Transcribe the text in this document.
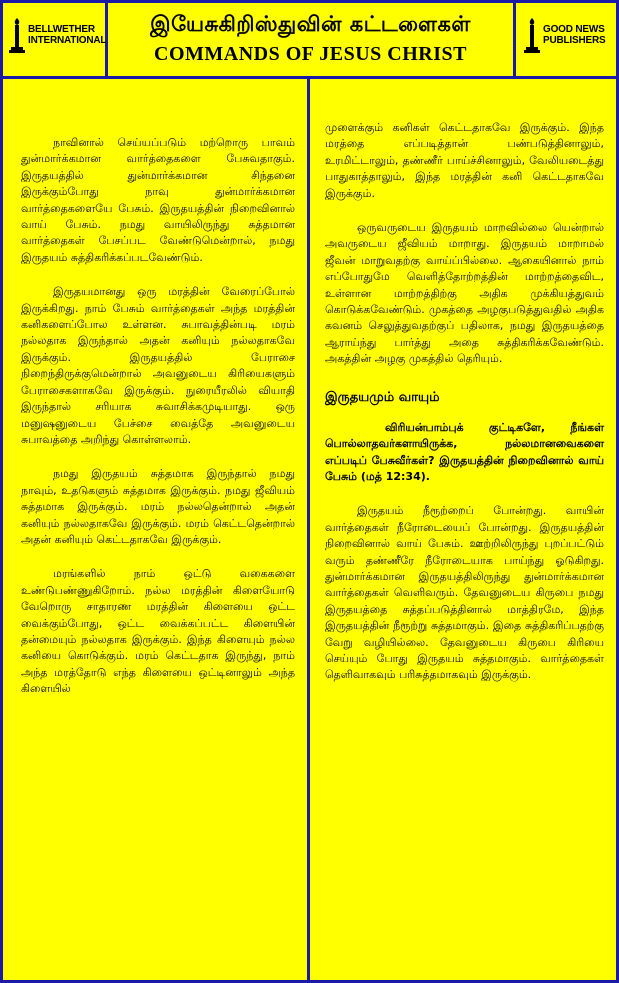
BELLWETHER
INTERNATIONAL
இயேசுகிறிஸ்துவின் கட்டளைகள்
COMMANDS OF JESUS CHRIST
GOOD NEWS
PUBLISHERS

நாவினால் செய்யப்படும் மற்றொரு பாவம் துன்மார்க்கமான வார்த்தைகளை பேசுவதாகும். இருதயத்தில் துன்மார்க்கமான சிந்தனை இருக்கும்போது நாவு துன்மார்க்கமான வார்த்தைகளையே பேசும். இருதயத்தின் நிறைவினால் வாய் பேசும். நமது வாயிலிருந்து சுத்தமான வார்த்தைகள் பேசப்பட வேண்டுமென்றால், நமது இருதயம் சுத்திகரிக்கப்படவேண்டும்.

இருதயமானது ஒரு மரத்தின் வேரைப்போல் இருக்கிறது. நாம் பேசும் வார்த்தைகள் அந்த மரத்தின் கனிகளைப்போல உள்ளன. சுபாவத்தின்படி மரம் நல்லதாக இருந்தால் அதன் கனியும் நல்லதாகவே இருக்கும். இருதயத்தில் பேராசை நிறைந்திருக்குமென்றால் அவனுடைய கிரியைகளும் பேராசைகளாகவே இருக்கும். நுரையீரலில் வியாதி இருந்தால் சரியாக சுவாசிக்கமுடியாது. ஒரு மனுஷனுடைய பேச்சை வைத்தே அவனுடைய சுபாவத்தை அறிந்து கொள்ளலாம்.

நமது இருதயம் சுத்தமாக இருந்தால் நமது நாவும், உதடுகளும் சுத்தமாக இருக்கும். நமது ஜீவியம் சுத்தமாக இருக்கும். மரம் நல்லதென்றால் அதன் கனியும் நல்லதாகவே இருக்கும். மரம் கெட்டதென்றால் அதன் கனியும் கெட்டதாகவே இருக்கும்.

மரங்களில் நாம் ஒட்டு வகைகளை உண்டுபண்ணுகிறோம். நல்ல மரத்தின் கிளையோடு வேறொரு சாதாரண மரத்தின் கிளையை ஒட்ட வைக்கும்போது, ஒட்ட வைக்கப்பட்ட கிளையின் தன்மையும் நல்லதாக இருக்கும். இந்த கிளையும் நல்ல கனியை கொடுக்கும். மரம் கெட்டதாக இருந்து, நாம் அந்த மரத்தோடு எந்த கிளையை ஒட்டினாலும் அந்த கிளையில்

முளைக்கும் கனிகள் கெட்டதாகவே இருக்கும். இந்த மரத்தை எப்படித்தான் பண்படுத்தினாலும், உரமிட்டாலும், தண்ணீர் பாய்ச்சினாலும், வேலியடைத்து பாதுகாத்தாலும், இந்த மரத்தின் கனி கெட்டதாகவே இருக்கும்.

ஒருவருடைய இருதயம் மாறவில்லை யென்றால் அவருடைய ஜீவியம் மாறாது. இருதயம் மாறாமல் ஜீவன் மாறுவதற்கு வாய்ப்பில்லை. ஆகையினால் நாம் எப்போதுமே வெளித்தோற்றத்தின் மாற்றத்தைவிட, உள்ளான மாற்றத்திற்கு அதிக முக்கியத்துவம் கொடுக்கவேண்டும். முகத்தை அழகுபடுத்துவதில் அதிக கவனம் செலுத்துவதற்குப் பதிலாக, நமது இருதயத்தை ஆராய்ந்து பார்த்து அதை சுத்திகரிக்கவேண்டும். அகத்தின் அழகு முகத்தில் தெரியும்.

இருதயமும் வாயும்

விரியன்பாம்புக் குட்டிகளே, நீங்கள் பொல்லாதவர்களாயிருக்க, நல்லமானவைகளை எப்படிப் பேசுவீர்கள்? இருதயத்தின் நிறைவினால் வாய் பேசும் (மத் 12:34).

இருதயம் நீரூற்றைப் போன்றது. வாயின் வார்த்தைகள் நீரோடையைப் போன்றது. இருதயத்தின் நிறைவினால் வாய் பேசும். ஊற்றிலிருந்து புறப்பட்டும் வரும் தண்ணீரே நீரோடையாக பாய்ந்து ஓடுகிறது. துன்மார்க்கமான இருதயத்திலிருந்து துன்மார்க்கமான வார்த்தைகள் வெளிவரும். தேவனுடைய கிருபை நமது இருதயத்தை சுத்தப்படுத்தினால் மாத்திரமே, இந்த இருதயத்தின் நீரூற்று சுத்தமாகும். இதை சுத்திகரிப்பதற்கு வேறு வழியில்லை. தேவனுடைய கிருபை கிரியை செய்யும் போது இருதயம் சுத்தமாகும். வார்த்தைகள் தெளிவாகவும் பரிசுத்தமாகவும் இருக்கும்.
